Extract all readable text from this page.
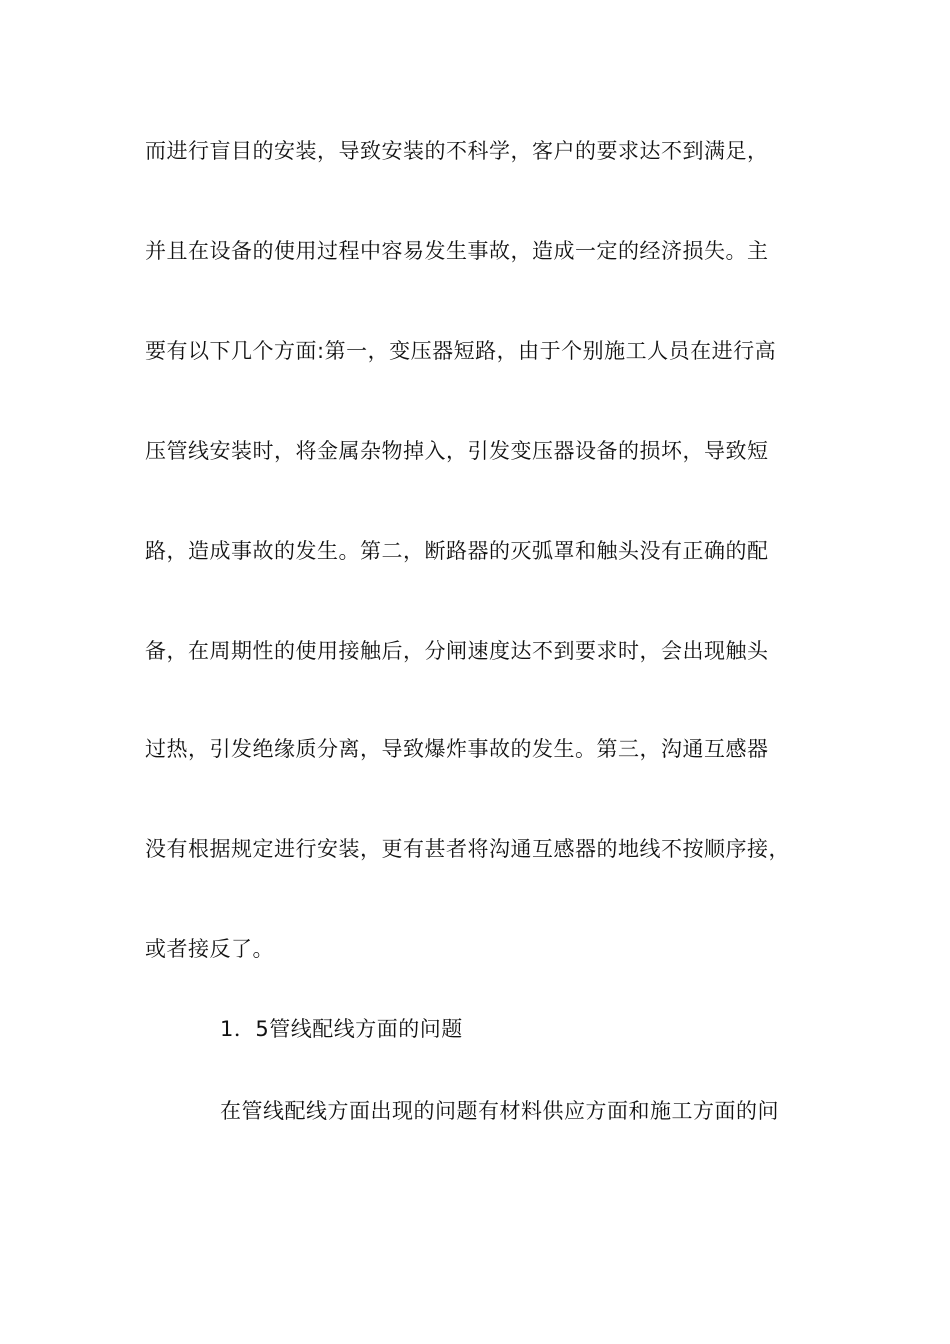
而进行盲目的安装，导致安装的不科学，客户的要求达不到满足，
并且在设备的使用过程中容易发生事故，造成一定的经济损失。主
要有以下几个方面:第一，变压器短路，由于个别施工人员在进行高
压管线安装时，将金属杂物掉入，引发变压器设备的损坏，导致短
路，造成事故的发生。第二，断路器的灭弧罩和触头没有正确的配
备，在周期性的使用接触后，分闸速度达不到要求时，会出现触头
过热，引发绝缘质分离，导致爆炸事故的发生。第三，沟通互感器
没有根据规定进行安装，更有甚者将沟通互感器的地线不按顺序接，
或者接反了。
1．5管线配线方面的问题
在管线配线方面出现的问题有材料供应方面和施工方面的问
